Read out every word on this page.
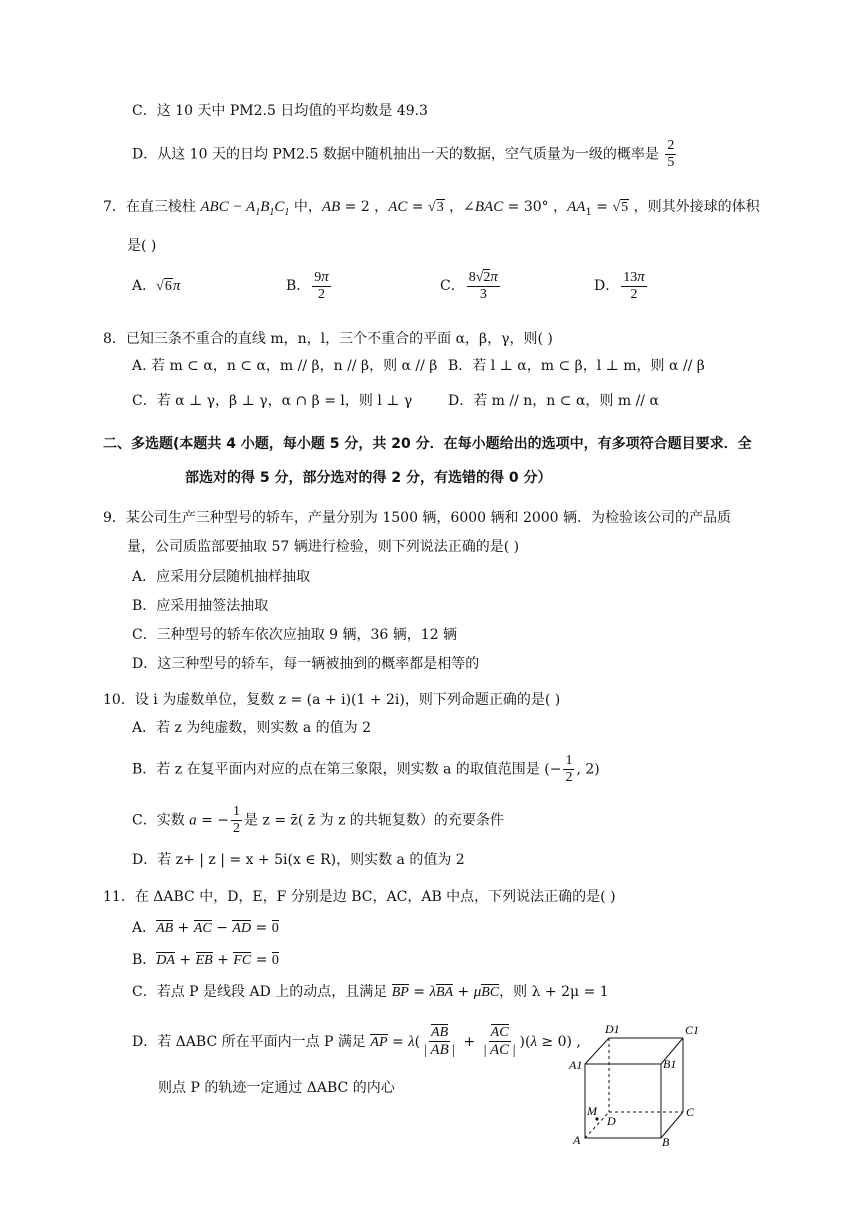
C．这 10 天中 PM2.5 日均值的平均数是 49.3
D．从这 10 天的日均 PM2.5 数据中随机抽出一天的数据，空气质量为一级的概率是 $\frac{2}{5}$
7．在直三棱柱 ABC − $A_1B_1C_1$ 中，AB = 2 ，AC = √3 ，∠BAC = 30° ，$AA_1 = √5$ ，则其外接球的体积
是( )
A．√6π	B． $\frac{9\pi}{2}$	C． $\frac{8√2\pi}{3}$	D． $\frac{13\pi}{2}$
8．已知三条不重合的直线 m，n，l，三个不重合的平面 α，β，γ，则( )
A. 若 m ⊂ α，n ⊂ α，m // β，n // β，则 α // β B．若 l ⊥ α，m ⊂ β，l ⊥ m，则 α // β
C．若 α ⊥ γ，β ⊥ γ，α ∩ β = l，则 l ⊥ γ	D．若 m // n，n ⊂ α，则 m // α
二、多选题(本题共 4 小题，每小题 5 分，共 20 分．在每小题给出的选项中，有多项符合题目要求．全
部选对的得 5 分，部分选对的得 2 分，有选错的得 0 分）
9．某公司生产三种型号的轿车，产量分别为 1500 辆，6000 辆和 2000 辆．为检验该公司的产品质
量，公司质监部要抽取 57 辆进行检验，则下列说法正确的是( )
A．应采用分层随机抽样抽取
B．应采用抽签法抽取
C．三种型号的轿车依次应抽取 9 辆，36 辆，12 辆
D．这三种型号的轿车，每一辆被抽到的概率都是相等的
10．设 i 为虚数单位，复数 z = (a + i)(1 + 2i)，则下列命题正确的是( )
A．若 z 为纯虚数，则实数 a 的值为 2
B．若 z 在复平面内对应的点在第三象限，则实数 a 的取值范围是 (− $\frac{1}{2}$ , 2)
C．实数 a = − $\frac{1}{2}$ 是 z = z̄( z̄ 为 z 的共轭复数）的充要条件
D．若 z+ | z | = x + 5i(x ∈ R)，则实数 a 的值为 2
11．在 ΔABC 中，D，E，F 分别是边 BC，AC，AB 中点，下列说法正确的是( )
A．AB + AC − AD = 0
B．DA + EB + FC = 0
C．若点 P 是线段 AD 上的动点，且满足 BP = λBA + μBC，则 λ + 2μ = 1
D．若 ΔABC 所在平面内一点 P 满足 AP = $\lambda( \frac{AB}{| AB |} + \frac{AC}{| AC |} )(\lambda \ge 0)$ ,
则点 P 的轨迹一定通过 ΔABC 的内心
D1	C1
A1	B1
M
D
C
A	B
